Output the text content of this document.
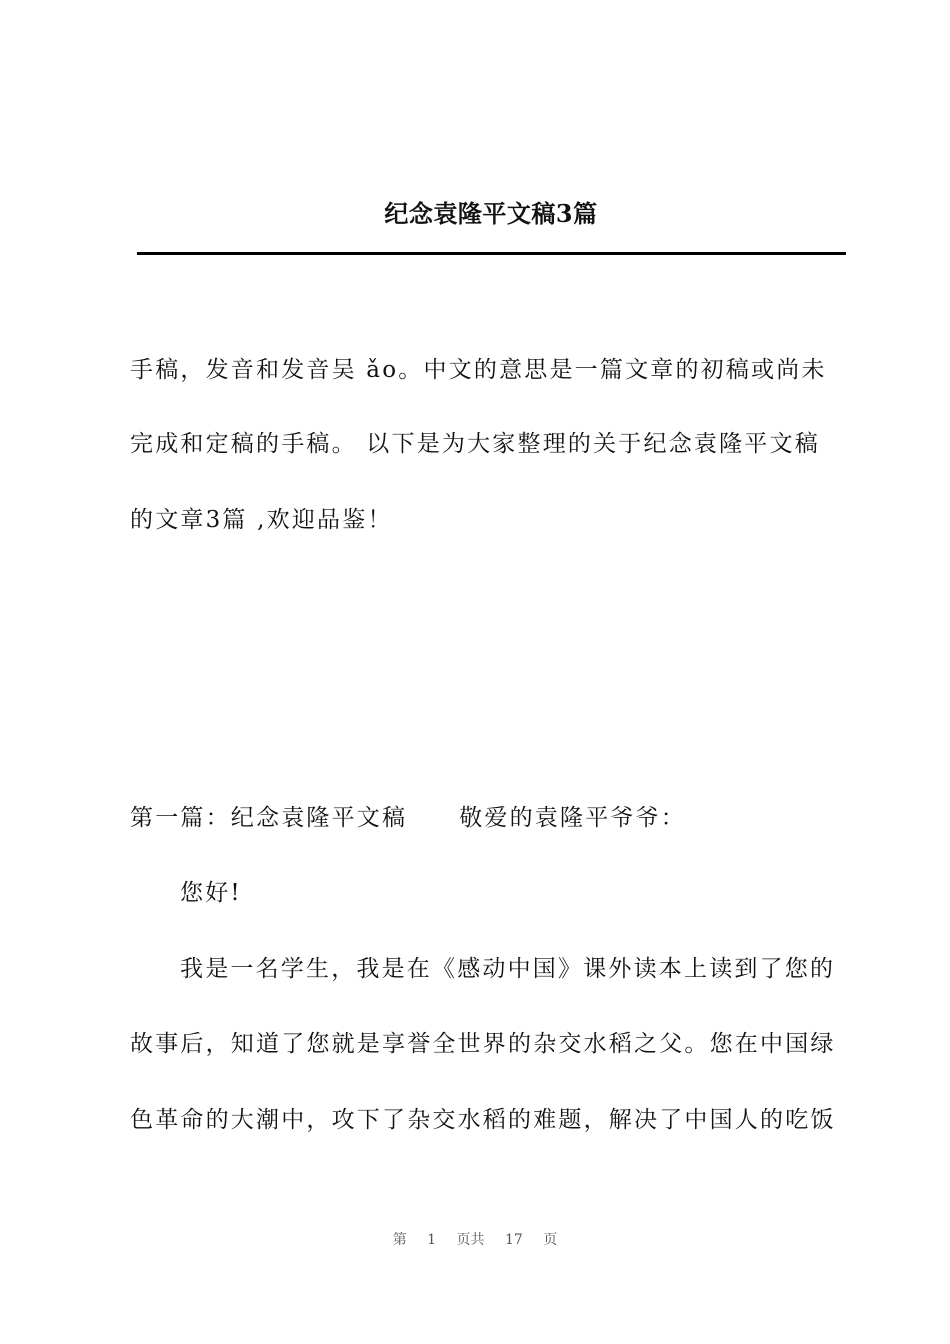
纪念袁隆平文稿3篇
手稿，发音和发音吴 ǎo。中文的意思是一篇文章的初稿或尚未
完成和定稿的手稿。 以下是为大家整理的关于纪念袁隆平文稿
的文章3篇 ,欢迎品鉴！
第一篇：纪念袁隆平文稿 敬爱的袁隆平爷爷：
您好!
我是一名学生，我是在《感动中国》课外读本上读到了您的
故事后，知道了您就是享誉全世界的杂交水稻之父。您在中国绿
色革命的大潮中，攻下了杂交水稻的难题，解决了中国人的吃饭
第 1 页共 17 页
